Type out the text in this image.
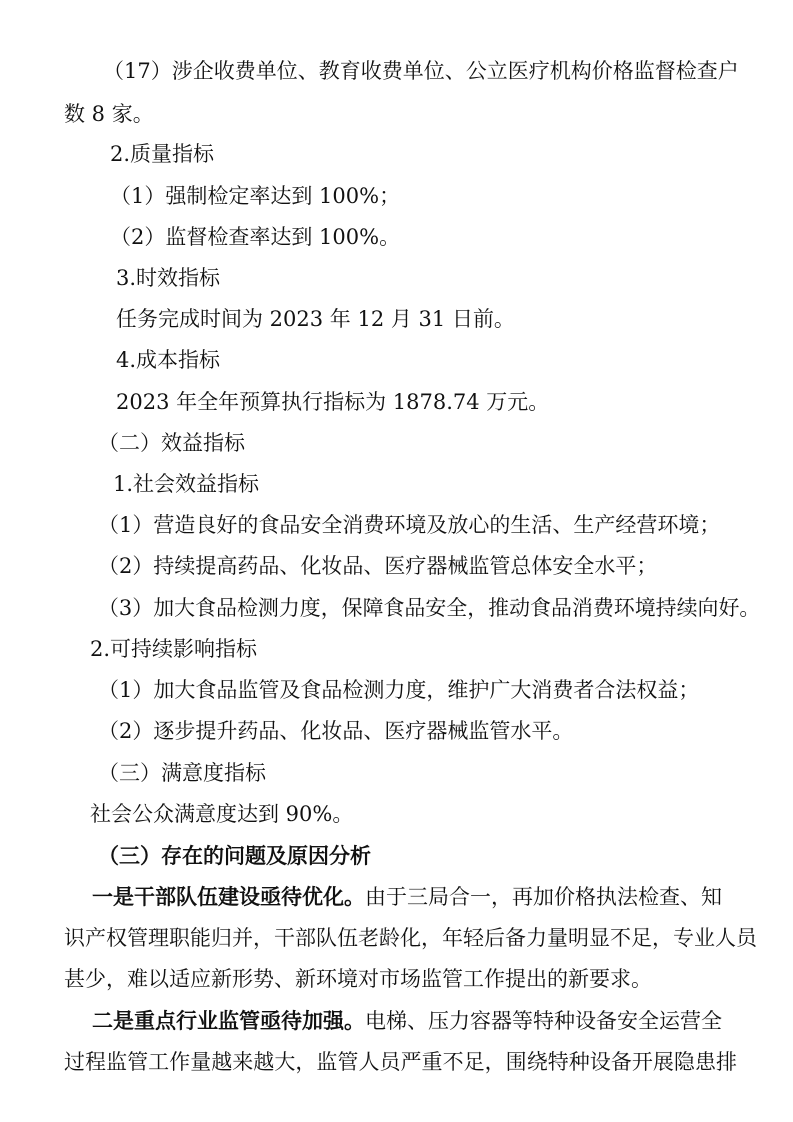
（17）涉企收费单位、教育收费单位、公立医疗机构价格监督检查户
数 8 家。
2.质量指标
（1）强制检定率达到 100%；
（2）监督检查率达到 100%。
3.时效指标
任务完成时间为 2023 年 12 月 31 日前。
4.成本指标
2023 年全年预算执行指标为 1878.74 万元。
（二）效益指标
1.社会效益指标
（1）营造良好的食品安全消费环境及放心的生活、生产经营环境；
（2）持续提高药品、化妆品、医疗器械监管总体安全水平；
（3）加大食品检测力度，保障食品安全，推动食品消费环境持续向好。
2.可持续影响指标
（1）加大食品监管及食品检测力度，维护广大消费者合法权益；
（2）逐步提升药品、化妆品、医疗器械监管水平。
（三）满意度指标
社会公众满意度达到 90%。
（三）存在的问题及原因分析
一是干部队伍建设亟待优化。由于三局合一，再加价格执法检查、知
识产权管理职能归并，干部队伍老龄化，年轻后备力量明显不足，专业人员
甚少，难以适应新形势、新环境对市场监管工作提出的新要求。
二是重点行业监管亟待加强。电梯、压力容器等特种设备安全运营全
过程监管工作量越来越大，监管人员严重不足，围绕特种设备开展隐患排
